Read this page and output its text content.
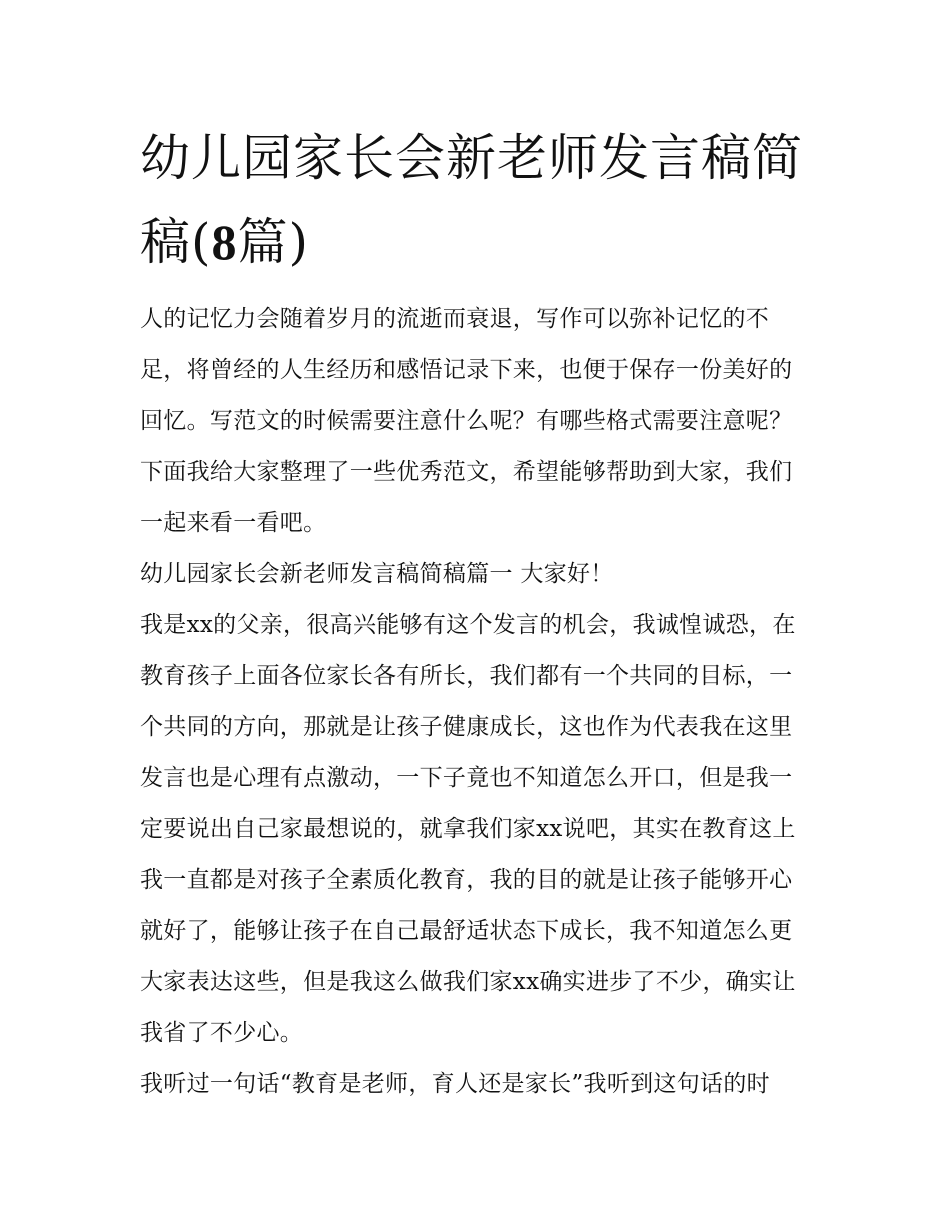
幼儿园家长会新老师发言稿简稿(8篇)

人的记忆力会随着岁月的流逝而衰退，写作可以弥补记忆的不足，将曾经的人生经历和感悟记录下来，也便于保存一份美好的回忆。写范文的时候需要注意什么呢？有哪些格式需要注意呢？下面我给大家整理了一些优秀范文，希望能够帮助到大家，我们一起来看一看吧。

幼儿园家长会新老师发言稿简稿篇一 大家好！

我是xx的父亲，很高兴能够有这个发言的机会，我诚惶诚恐，在教育孩子上面各位家长各有所长，我们都有一个共同的目标，一个共同的方向，那就是让孩子健康成长，这也作为代表我在这里发言也是心理有点激动，一下子竟也不知道怎么开口，但是我一定要说出自己家最想说的，就拿我们家xx说吧，其实在教育这上我一直都是对孩子全素质化教育，我的目的就是让孩子能够开心就好了，能够让孩子在自己最舒适状态下成长，我不知道怎么更大家表达这些，但是我这么做我们家xx确实进步了不少，确实让我省了不少心。

我听过一句话“教育是老师，育人还是家长”我听到这句话的时
